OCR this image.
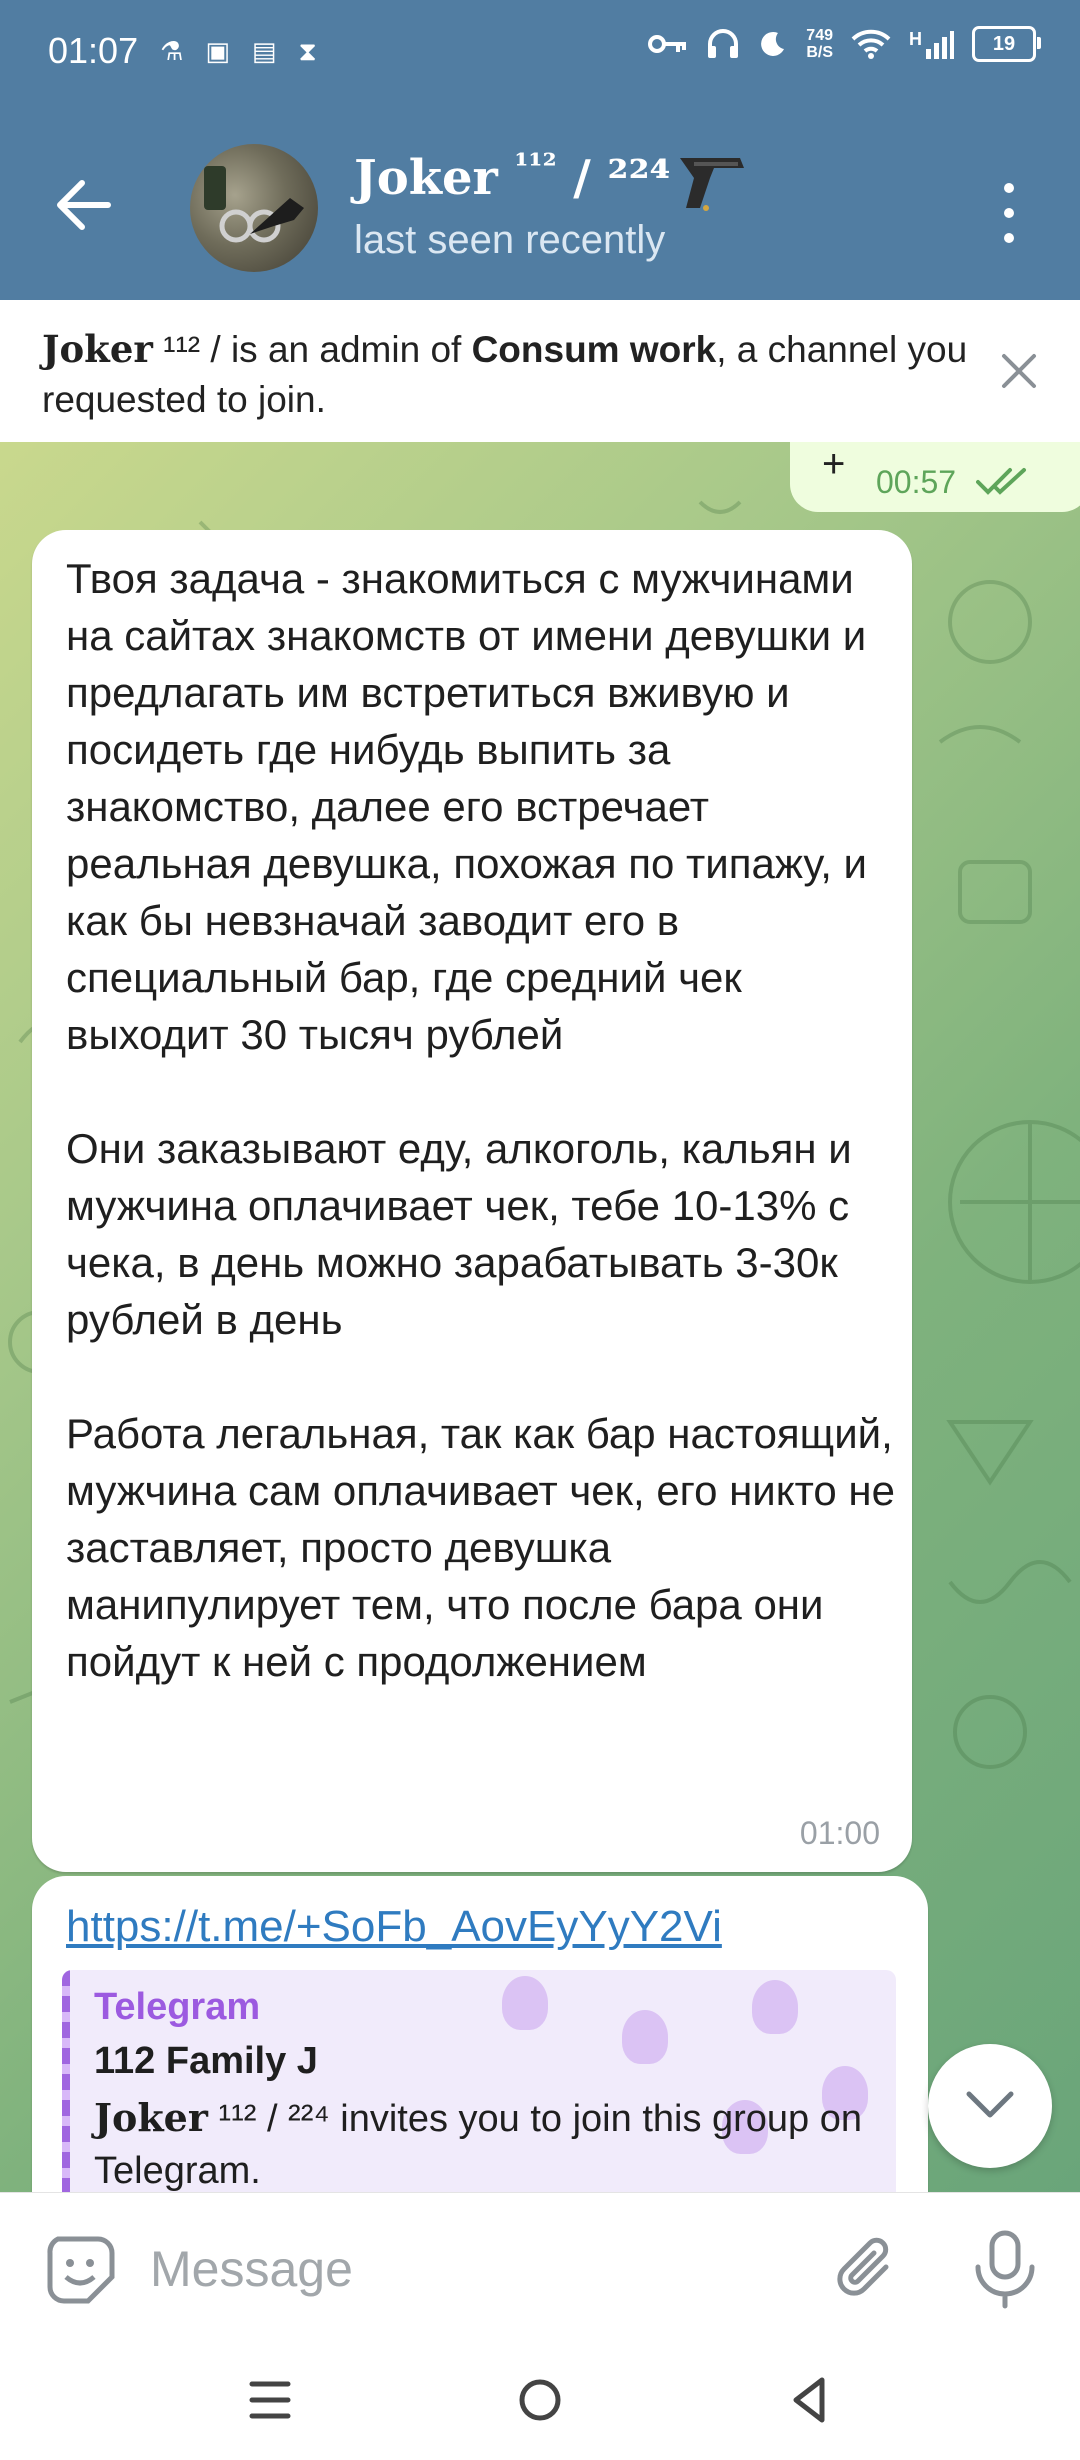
01:07 ⚗ ▣ ▤ ⧗
749
B/S
H	19
Joker $^{^{112}}$ / ²²⁴
last seen recently
Joker ¹¹² / is an admin of Consum work, a channel you requested to join.
+ 00:57
Твоя задача - знакомиться с мужчинами на сайтах знакомств от имени девушки и предлагать им встретиться вживую и посидеть где нибудь выпить за знакомство, далее его встречает реальная девушка, похожая по типажу, и как бы невзначай заводит его в специальный бар, где средний чек выходит 30 тысяч рублей

Они заказывают еду, алкоголь, кальян и мужчина оплачивает чек, тебе 10-13% с чека, в день можно зарабатывать 3-30к рублей в день

Работа легальная, так как бар настоящий, мужчина сам оплачивает чек, его никто не заставляет, просто девушка манипулирует тем, что после бара они пойдут к ней с продолжением
01:00
https://t.me/+SoFb_AovEyYyY2Vi
Telegram
112 Family J
Joker ¹¹² / ²²⁴ invites you to join this group on Telegram.
Message
